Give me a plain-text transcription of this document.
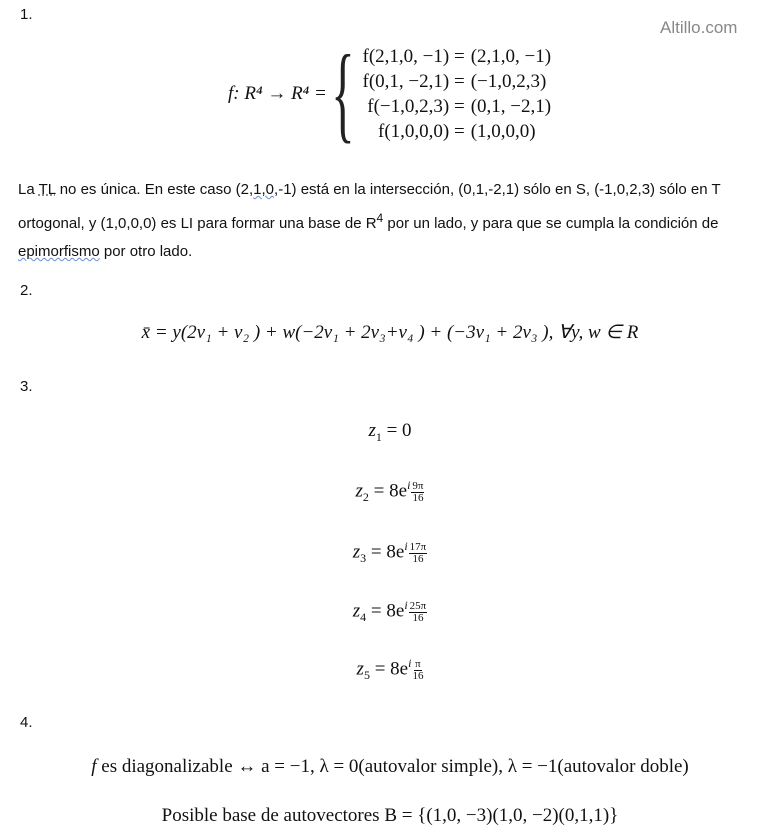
Altillo.com
1.
f: R⁴ → R⁴ = { f(2,1,0, −1) = (2,1,0, −1)
f(0,1, −2,1) = (−1,0,2,3)
f(−1,0,2,3) = (0,1, −2,1)
f(1,0,0,0) = (1,0,0,0)
La TL no es única. En este caso (2,1,0,-1) está en la intersección, (0,1,-2,1) sólo en S, (-1,0,2,3) sólo en T ortogonal, y (1,0,0,0) es LI para formar una base de $R^4$ por un lado, y para que se cumpla la condición de epimorfismo por otro lado.
2.
x̄ = y(2v₁ + v₂ ) + w(−2v₁ + 2v₃+v₄ ) + (−3v₁ + 2v₃ ), ∀y, w ∈ R
3.
$z_1 = 0$
$z_2 = 8e^i \frac{9\pi}{16}$
$z_3 = 8e^i \frac{17\pi}{16}$
$z_4 = 8e^i \frac{25\pi}{16}$
$z_5 = 8e^i \frac{\pi}{16}$
4.
f es diagonalizable ↔ a = −1, λ = 0(autovalor simple), λ = −1(autovalor doble)
Posible base de autovectores B = {(1,0, −3)(1,0, −2)(0,1,1)}
